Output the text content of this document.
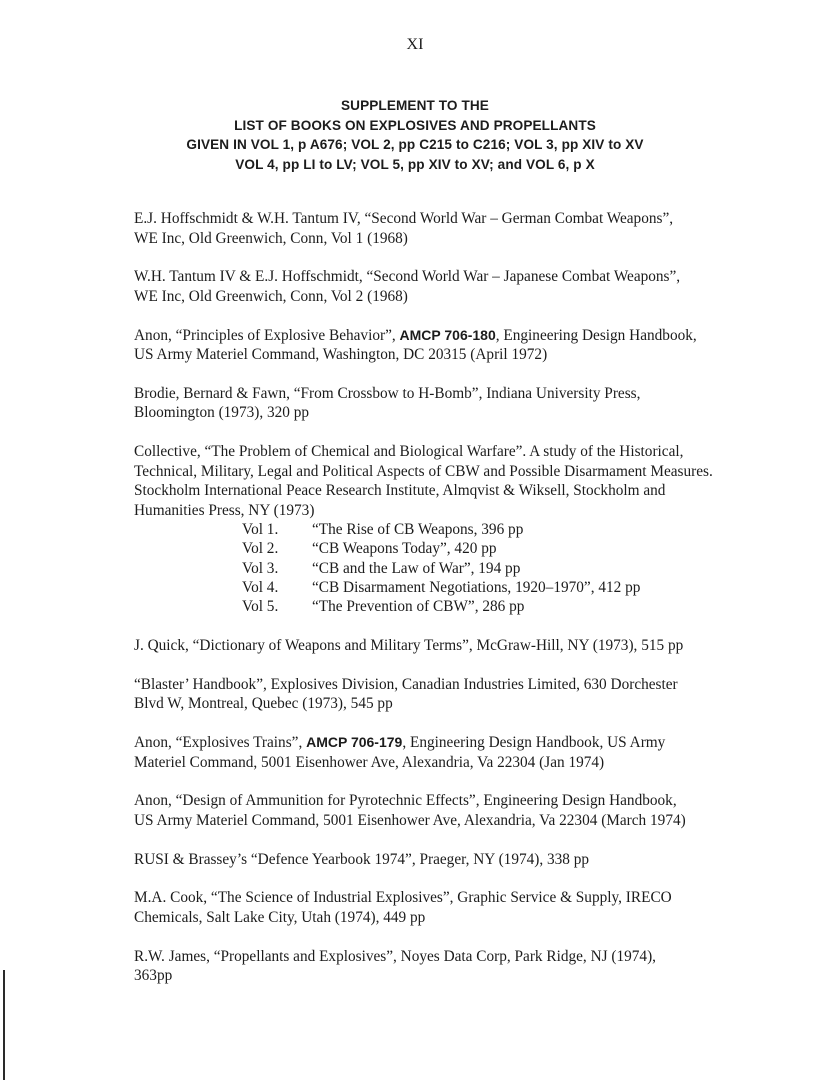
XI
SUPPLEMENT TO THE
LIST OF BOOKS ON EXPLOSIVES AND PROPELLANTS
GIVEN IN VOL 1, p A676; VOL 2, pp C215 to C216; VOL 3, pp XIV to XV
VOL 4, pp LI to LV; VOL 5, pp XIV to XV; and VOL 6, p X
E.J. Hoffschmidt & W.H. Tantum IV, “Second World War – German Combat Weapons”,
WE Inc, Old Greenwich, Conn, Vol 1 (1968)
W.H. Tantum IV & E.J. Hoffschmidt, “Second World War – Japanese Combat Weapons”,
WE Inc, Old Greenwich, Conn, Vol 2 (1968)
Anon, “Principles of Explosive Behavior”, AMCP 706-180, Engineering Design Handbook,
US Army Materiel Command, Washington, DC 20315 (April 1972)
Brodie, Bernard & Fawn, “From Crossbow to H-Bomb”, Indiana University Press,
Bloomington (1973), 320 pp
Collective, “The Problem of Chemical and Biological Warfare”. A study of the Historical,
Technical, Military, Legal and Political Aspects of CBW and Possible Disarmament Measures.
Stockholm International Peace Research Institute, Almqvist & Wiksell, Stockholm and
Humanities Press, NY (1973)
Vol 1. “The Rise of CB Weapons, 396 pp
Vol 2. “CB Weapons Today”, 420 pp
Vol 3. “CB and the Law of War”, 194 pp
Vol 4. “CB Disarmament Negotiations, 1920–1970”, 412 pp
Vol 5. “The Prevention of CBW”, 286 pp
J. Quick, “Dictionary of Weapons and Military Terms”, McGraw-Hill, NY (1973), 515 pp
“Blaster’ Handbook”, Explosives Division, Canadian Industries Limited, 630 Dorchester
Blvd W, Montreal, Quebec (1973), 545 pp
Anon, “Explosives Trains”, AMCP 706-179, Engineering Design Handbook, US Army
Materiel Command, 5001 Eisenhower Ave, Alexandria, Va 22304 (Jan 1974)
Anon, “Design of Ammunition for Pyrotechnic Effects”, Engineering Design Handbook,
US Army Materiel Command, 5001 Eisenhower Ave, Alexandria, Va 22304 (March 1974)
RUSI & Brassey’s “Defence Yearbook 1974”, Praeger, NY (1974), 338 pp
M.A. Cook, “The Science of Industrial Explosives”, Graphic Service & Supply, IRECO
Chemicals, Salt Lake City, Utah (1974), 449 pp
R.W. James, “Propellants and Explosives”, Noyes Data Corp, Park Ridge, NJ (1974),
363pp
